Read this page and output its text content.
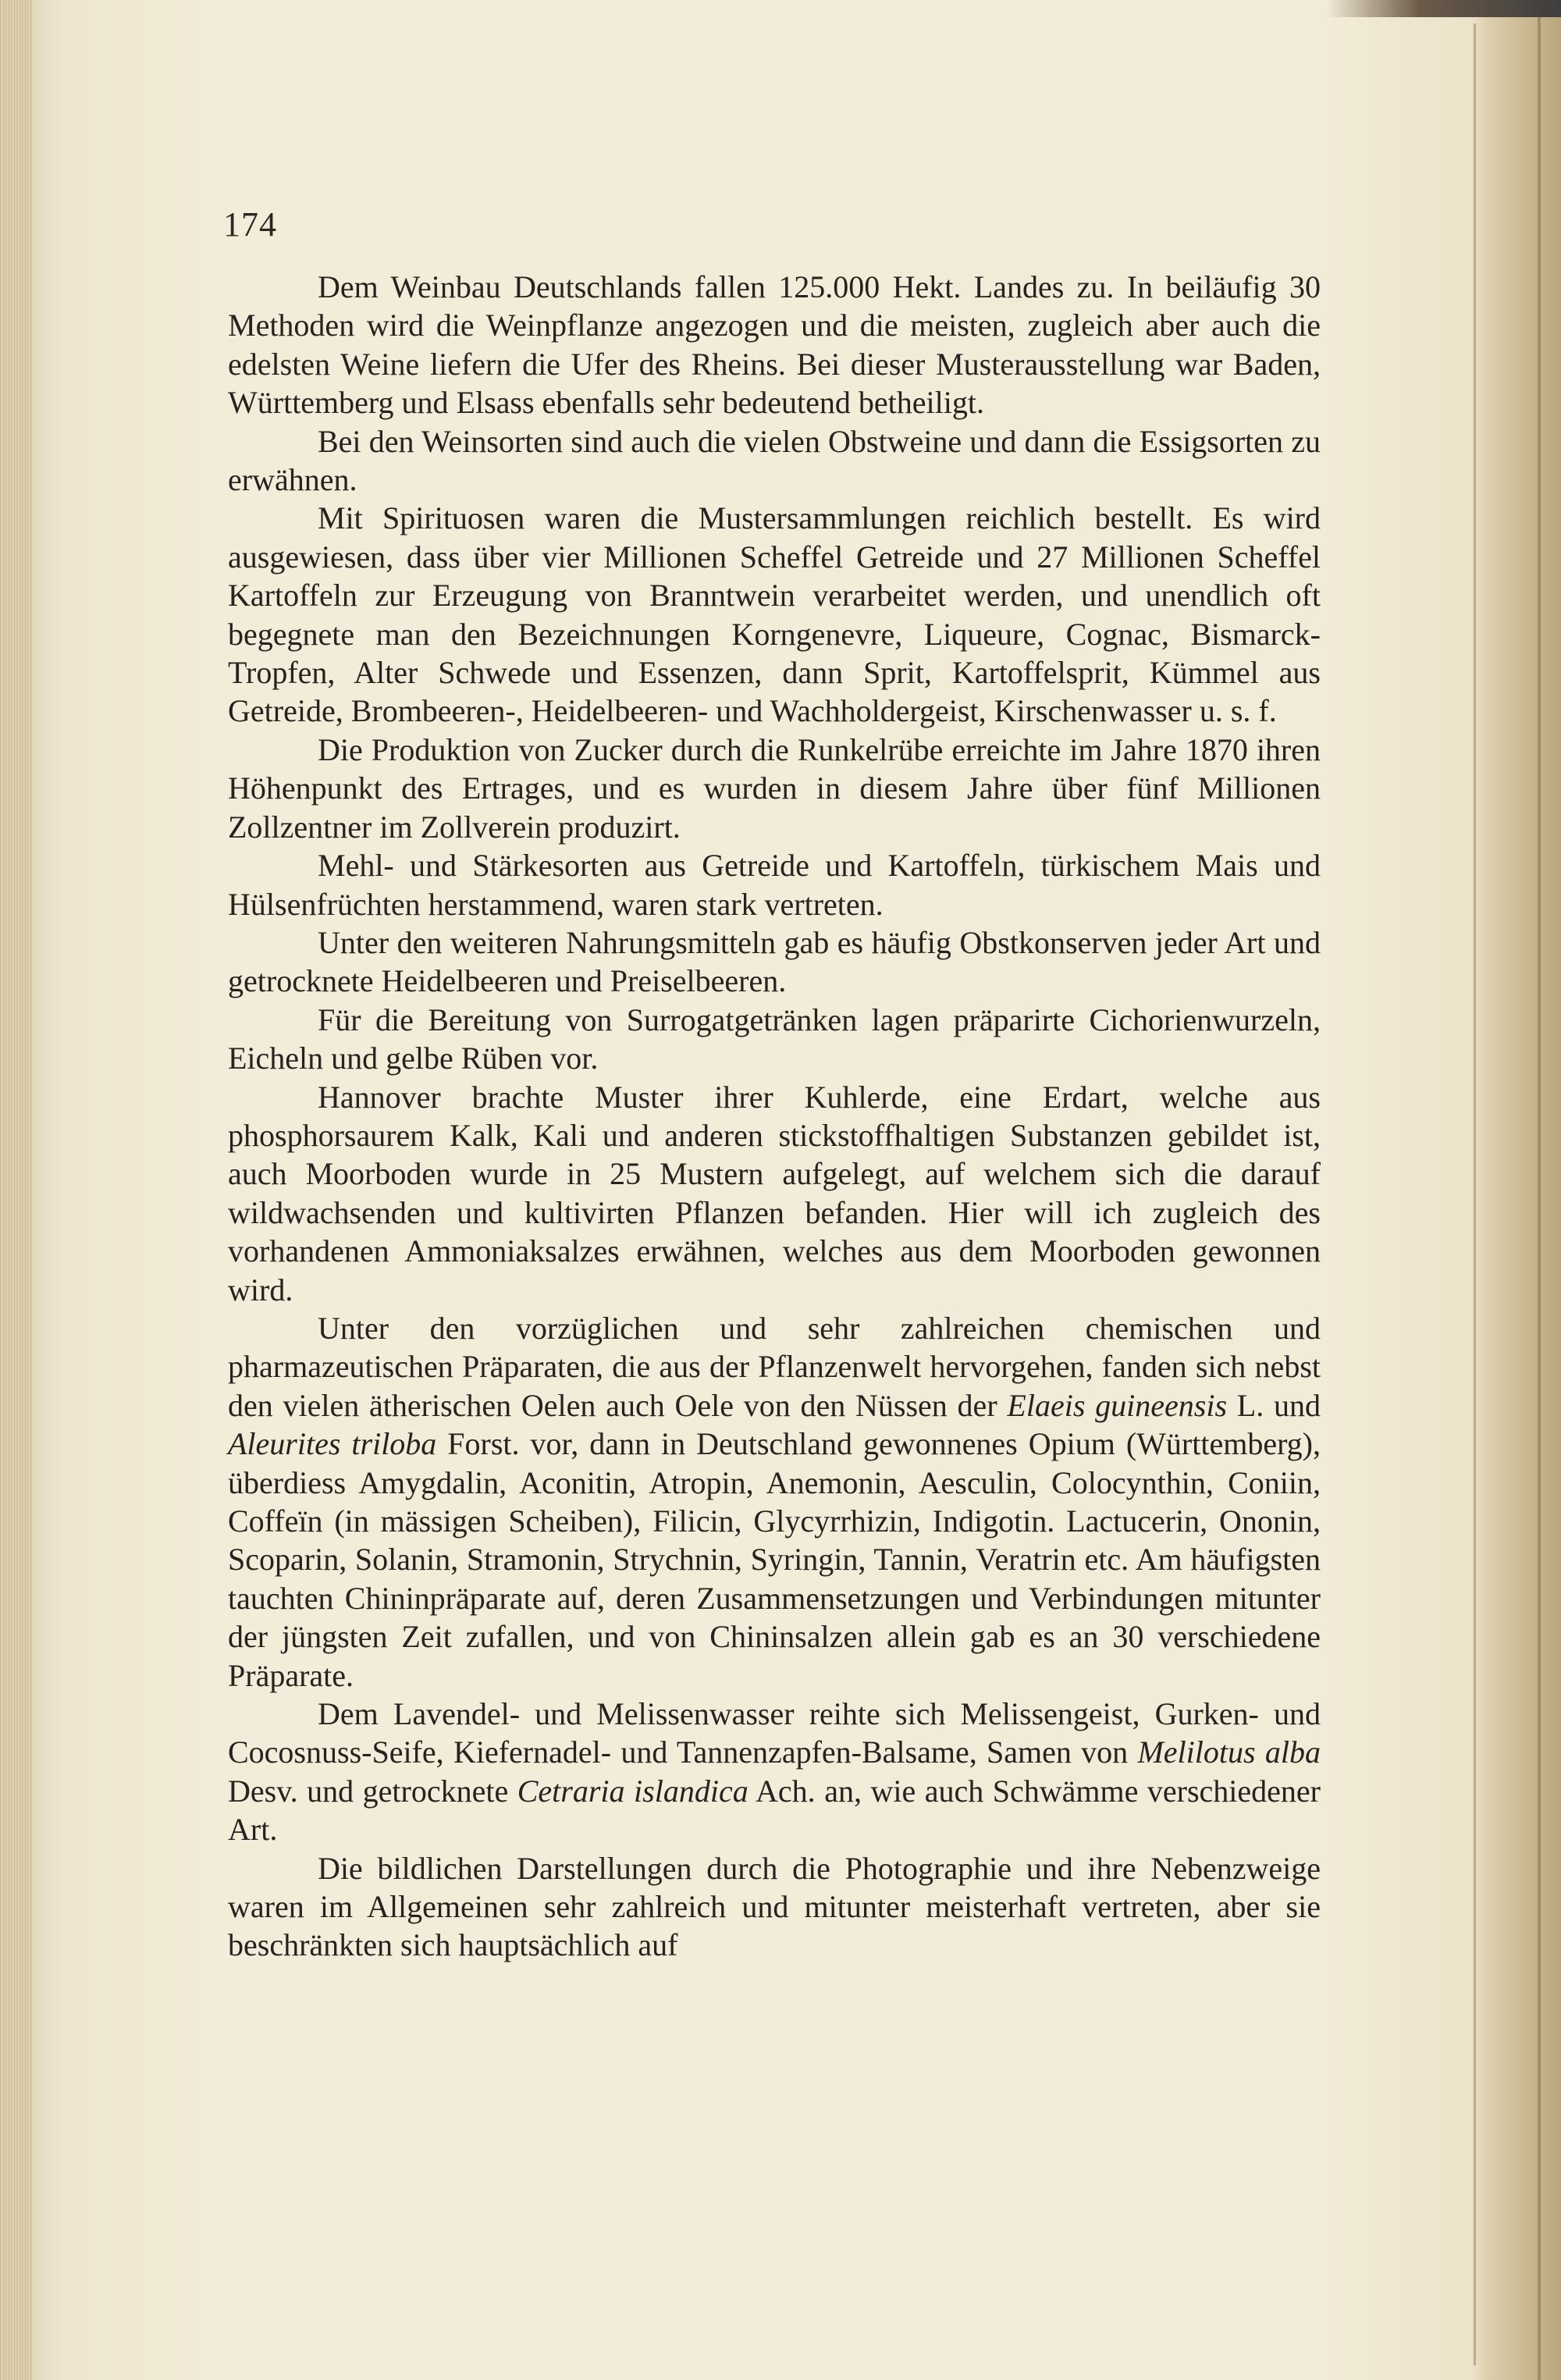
174

Dem Weinbau Deutschlands fallen 125.000 Hekt. Landes zu. In beiläufig 30 Methoden wird die Weinpflanze angezogen und die meisten, zugleich aber auch die edelsten Weine liefern die Ufer des Rheins. Bei dieser Musterausstellung war Baden, Württemberg und Elsass ebenfalls sehr bedeutend betheiligt.

Bei den Weinsorten sind auch die vielen Obstweine und dann die Essigsorten zu erwähnen.

Mit Spirituosen waren die Mustersammlungen reichlich bestellt. Es wird ausgewiesen, dass über vier Millionen Scheffel Getreide und 27 Millionen Scheffel Kartoffeln zur Erzeugung von Branntwein verarbeitet werden, und unendlich oft begegnete man den Bezeichnungen Korngenevre, Liqueure, Cognac, Bismarck-Tropfen, Alter Schwede und Essenzen, dann Sprit, Kartoffelsprit, Kümmel aus Getreide, Brombeeren-, Heidelbeeren- und Wachholdergeist, Kirschenwasser u. s. f.

Die Produktion von Zucker durch die Runkelrübe erreichte im Jahre 1870 ihren Höhenpunkt des Ertrages, und es wurden in diesem Jahre über fünf Millionen Zollzentner im Zollverein produzirt.

Mehl- und Stärkesorten aus Getreide und Kartoffeln, türkischem Mais und Hülsenfrüchten herstammend, waren stark vertreten.

Unter den weiteren Nahrungsmitteln gab es häufig Obstkonserven jeder Art und getrocknete Heidelbeeren und Preiselbeeren.

Für die Bereitung von Surrogatgetränken lagen präparirte Cichorienwurzeln, Eicheln und gelbe Rüben vor.

Hannover brachte Muster ihrer Kuhlerde, eine Erdart, welche aus phosphorsaurem Kalk, Kali und anderen stickstoffhaltigen Substanzen gebildet ist, auch Moorboden wurde in 25 Mustern aufgelegt, auf welchem sich die darauf wildwachsenden und kultivirten Pflanzen befanden. Hier will ich zugleich des vorhandenen Ammoniaksalzes erwähnen, welches aus dem Moorboden gewonnen wird.

Unter den vorzüglichen und sehr zahlreichen chemischen und pharmazeutischen Präparaten, die aus der Pflanzenwelt hervorgehen, fanden sich nebst den vielen ätherischen Oelen auch Oele von den Nüssen der Elaeis guineensis L. und Aleurites triloba Forst. vor, dann in Deutschland gewonnenes Opium (Württemberg), überdiess Amygdalin, Aconitin, Atropin, Anemonin, Aesculin, Colocynthin, Coniin, Coffeïn (in mässigen Scheiben), Filicin, Glycyrrhizin, Indigotin. Lactucerin, Ononin, Scoparin, Solanin, Stramonin, Strychnin, Syringin, Tannin, Veratrin etc. Am häufigsten tauchten Chininpräparate auf, deren Zusammensetzungen und Verbindungen mitunter der jüngsten Zeit zufallen, und von Chininsalzen allein gab es an 30 verschiedene Präparate.

Dem Lavendel- und Melissenwasser reihte sich Melissengeist, Gurken- und Cocosnuss-Seife, Kiefernadel- und Tannenzapfen-Balsame, Samen von Melilotus alba Desv. und getrocknete Cetraria islandica Ach. an, wie auch Schwämme verschiedener Art.

Die bildlichen Darstellungen durch die Photographie und ihre Nebenzweige waren im Allgemeinen sehr zahlreich und mitunter meisterhaft vertreten, aber sie beschränkten sich hauptsächlich auf
